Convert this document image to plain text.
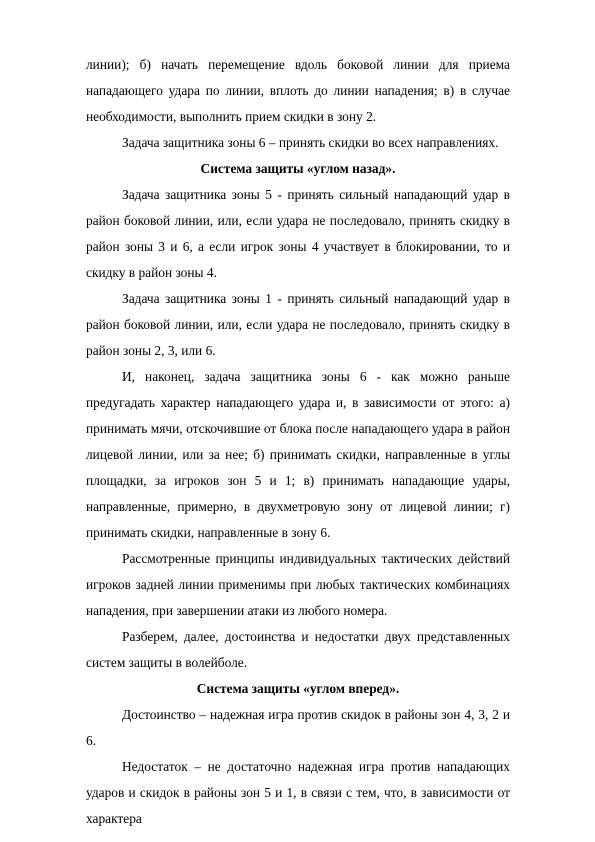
линии); б) начать перемещение вдоль боковой линии для приема нападающего удара по линии, вплоть до линии нападения; в) в случае необходимости, выполнить прием скидки в зону 2.

Задача защитника зоны 6 – принять скидки во всех направлениях.

Система защиты «углом назад».

Задача защитника зоны 5 - принять сильный нападающий удар в район боковой линии, или, если удара не последовало, принять скидку в район зоны 3 и 6, а если игрок зоны 4 участвует в блокировании, то и скидку в район зоны 4.

Задача защитника зоны 1 - принять сильный нападающий удар в район боковой линии, или, если удара не последовало, принять скидку в район зоны 2, 3, или 6.

И, наконец, задача защитника зоны 6 - как можно раньше предугадать характер нападающего удара и, в зависимости от этого: а) принимать мячи, отскочившие от блока после нападающего удара в район лицевой линии, или за нее; б) принимать скидки, направленные в углы площадки, за игроков зон 5 и 1; в) принимать нападающие удары, направленные, примерно, в двухметровую зону от лицевой линии; г) принимать скидки, направленные в зону 6.

Рассмотренные принципы индивидуальных тактических действий игроков задней линии применимы при любых тактических комбинациях нападения, при завершении атаки из любого номера.

Разберем, далее, достоинства и недостатки двух представленных систем защиты в волейболе.

Система защиты «углом вперед».

Достоинство – надежная игра против скидок в районы зон 4, 3, 2 и 6.

Недостаток – не достаточно надежная игра против нападающих ударов и скидок в районы зон 5 и 1, в связи с тем, что, в зависимости от характера
